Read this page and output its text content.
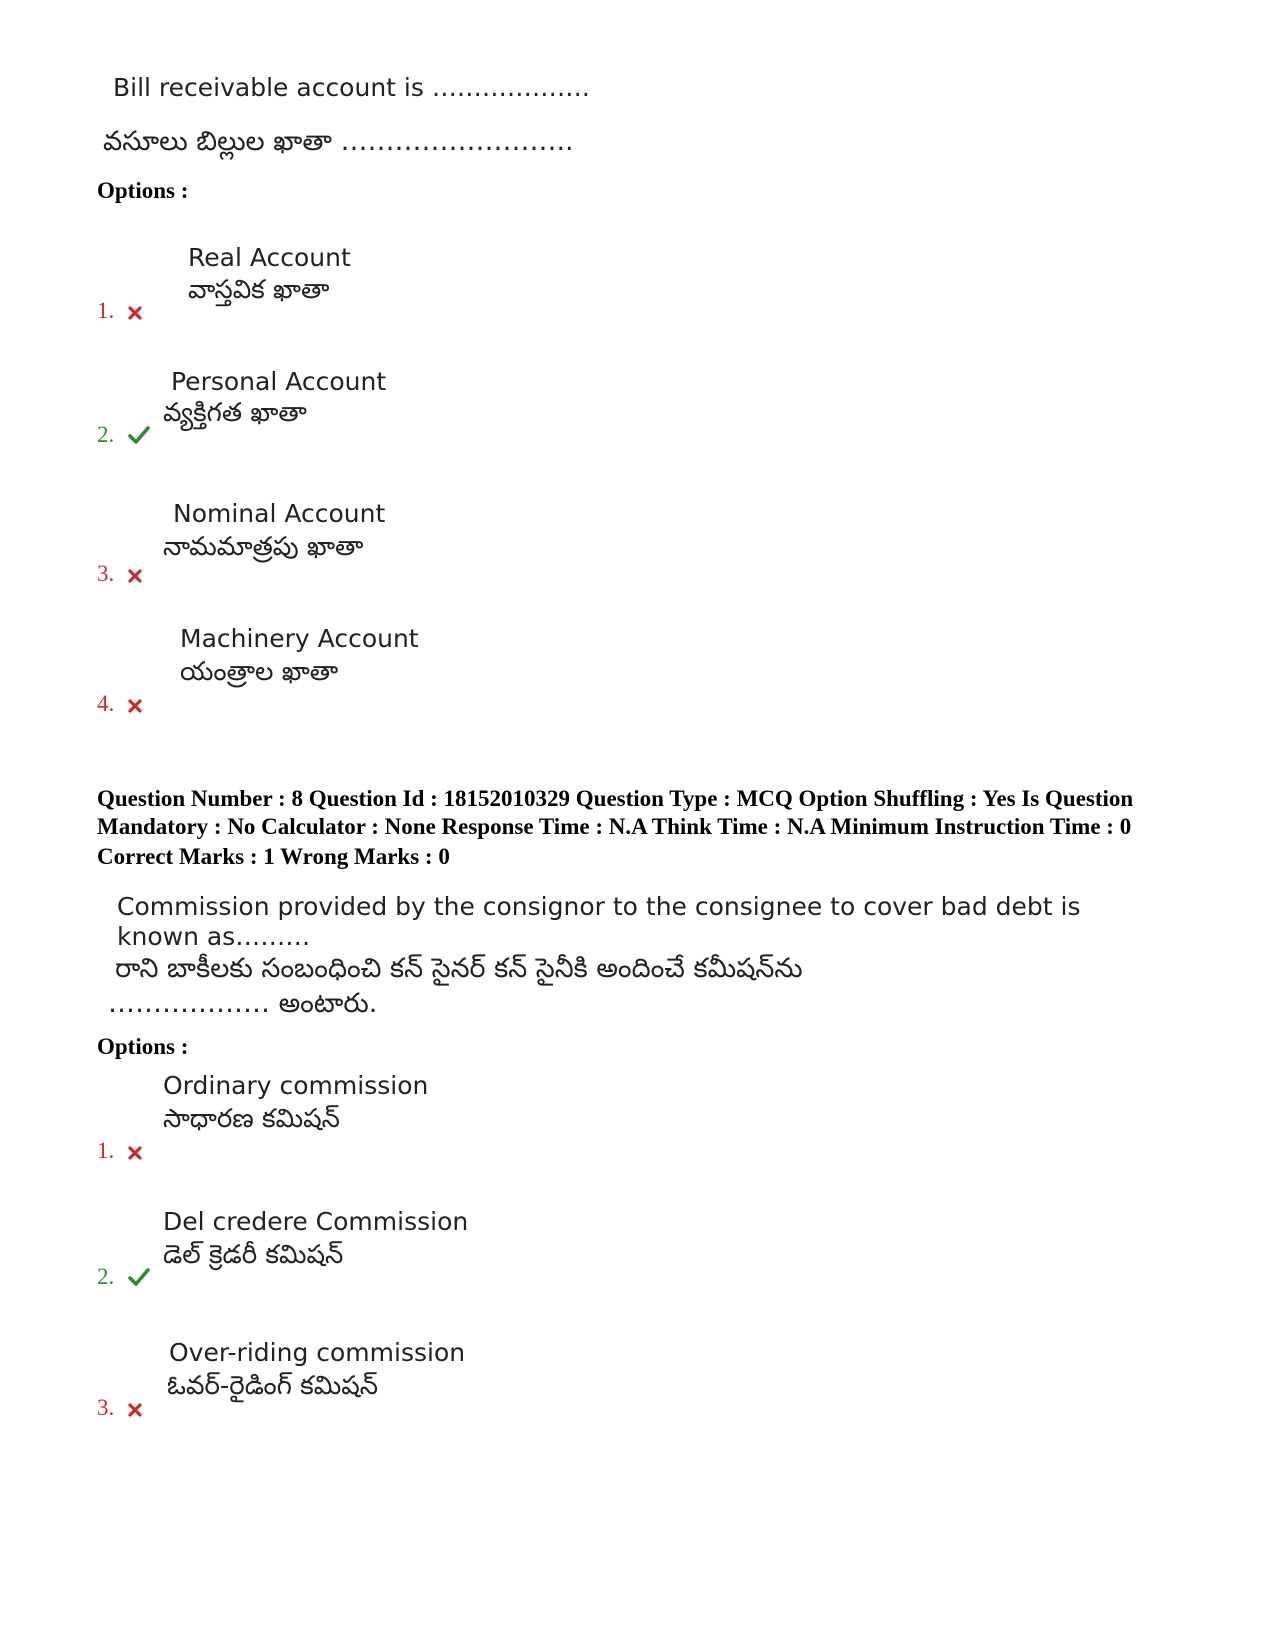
Bill receivable account is ……………….
వసూలు బిల్లుల ఖాతా ……………………..
Options :
Real Account
వాస్తవిక ఖాతా
1.
Personal Account
వ్యక్తిగత ఖాతా
2.
Nominal Account
నామమాత్రపు ఖాతా
3.
Machinery Account
యంత్రాల ఖాతా
4.
Question Number : 8 Question Id : 18152010329 Question Type : MCQ Option Shuffling : Yes Is Question
Mandatory : No Calculator : None Response Time : N.A Think Time : N.A Minimum Instruction Time : 0
Correct Marks : 1 Wrong Marks : 0
Commission provided by the consignor to the consignee to cover bad debt is
known as………
రాని బాకీలకు సంబంధించి కన్ సైనర్ కన్ సైనీకి అందించే కమీషన్‌ను
……………… అంటారు.
Options :
Ordinary commission
సాధారణ కమిషన్
1.
Del credere Commission
డెల్ క్రెడరీ కమిషన్
2.
Over-riding commission
ఓవర్-రైడింగ్ కమిషన్
3.
